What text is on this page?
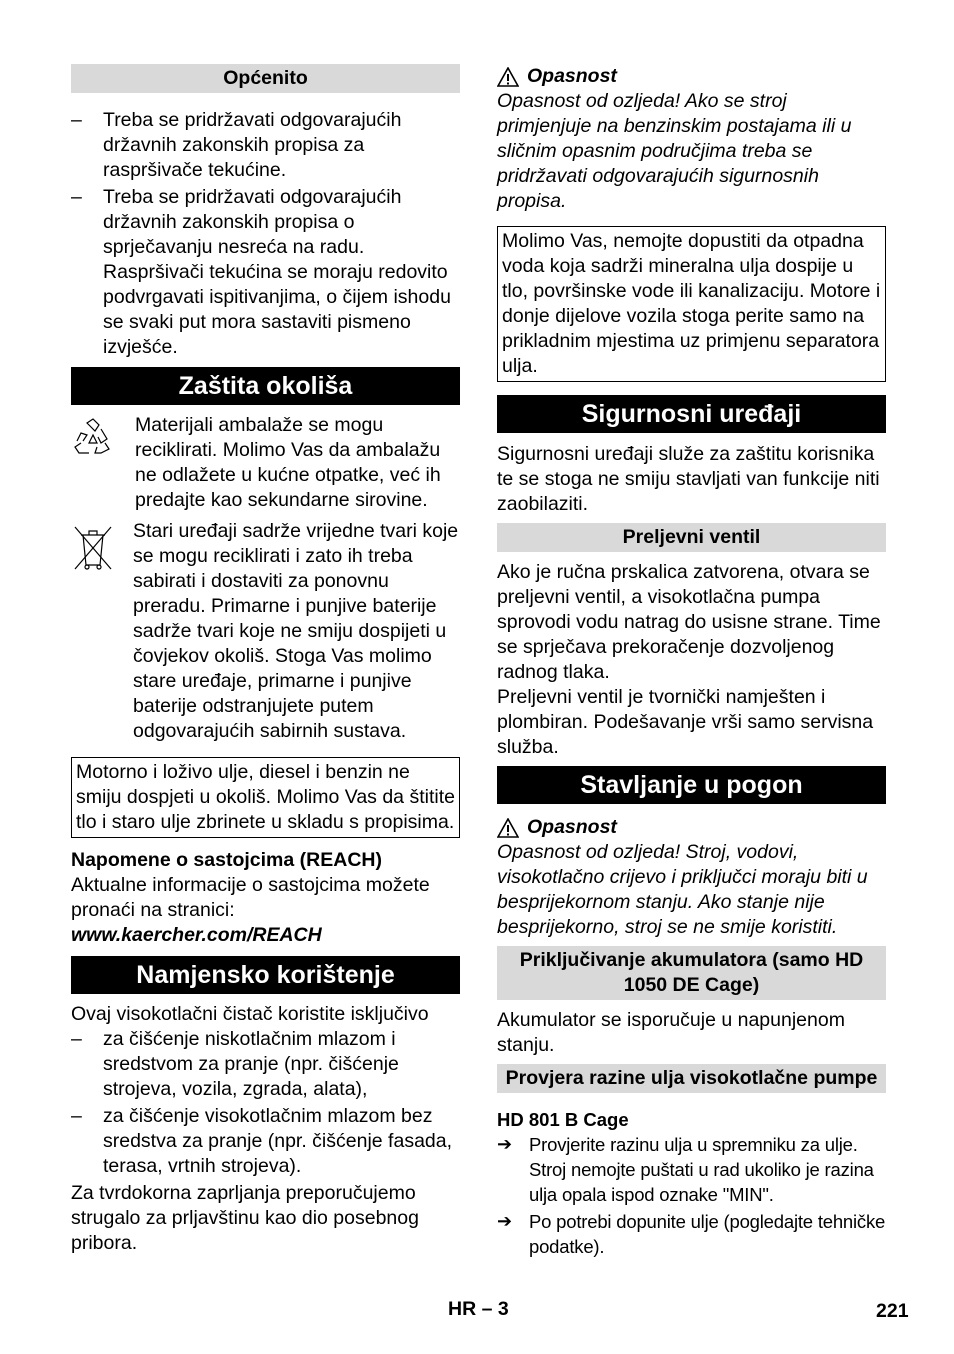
Općenito
–	Treba se pridržavati odgovarajućih državnih zakonskih propisa za raspršivače tekućine.
–	Treba se pridržavati odgovarajućih državnih zakonskih propisa o sprječavanju nesreća na radu. Raspršivači tekućina se moraju redovito podvrgavati ispitivanjima, o čijem ishodu se svaki put mora sastaviti pismeno izvješće.
Zaštita okoliša
Materijali ambalaže se mogu reciklirati. Molimo Vas da ambalažu ne odlažete u kućne otpatke, već ih predajte kao sekundarne sirovine.
Stari uređaji sadrže vrijedne tvari koje se mogu reciklirati i zato ih treba sabirati i dostaviti za ponovnu preradu. Primarne i punjive baterije sadrže tvari koje ne smiju dospijeti u čovjekov okoliš. Stoga Vas molimo stare uređaje, primarne i punjive baterije odstranjujete putem odgovarajućih sabirnih sustava.
Motorno i loživo ulje, diesel i benzin ne smiju dospjeti u okoliš. Molimo Vas da štitite tlo i staro ulje zbrinete u skladu s propisima.

Napomene o sastojcima (REACH)

Aktualne informacije o sastojcima možete pronaći na stranici:

www.kaercher.com/REACH

Namjensko korištenje

Ovaj visokotlačni čistač koristite isključivo

–	za čišćenje niskotlačnim mlazom i sredstvom za pranje (npr. čišćenje strojeva, vozila, zgrada, alata),
–	za čišćenje visokotlačnim mlazom bez sredstva za pranje (npr. čišćenje fasada, terasa, vrtnih strojeva).

Za tvrdokorna zaprljanja preporučujemo strugalo za prljavštinu kao dio posebnog pribora.

Opasnost

Opasnost od ozljeda! Ako se stroj primjenjuje na benzinskim postajama ili u sličnim opasnim područjima treba se pridržavati odgovarajućih sigurnosnih propisa.

Molimo Vas, nemojte dopustiti da otpadna voda koja sadrži mineralna ulja dospije u tlo, površinske vode ili kanalizaciju. Motore i donje dijelove vozila stoga perite samo na prikladnim mjestima uz primjenu separatora ulja.
Sigurnosni uređaji

Sigurnosni uređaji služe za zaštitu korisnika te se stoga ne smiju stavljati van funkcije niti zaobilaziti.

Preljevni ventil

Ako je ručna prskalica zatvorena, otvara se preljevni ventil, a visokotlačna pumpa sprovodi vodu natrag do usisne strane. Time se sprječava prekoračenje dozvoljenog radnog tlaka.

Preljevni ventil je tvornički namješten i plombiran. Podešavanje vrši samo servisna služba.

Stavljanje u pogon
Opasnost

Opasnost od ozljeda! Stroj, vodovi, visokotlačno crijevo i priključci moraju biti u besprijekornom stanju. Ako stanje nije besprijekorno, stroj se ne smije koristiti.

Priključivanje akumulatora (samo HD 1050 DE Cage)

Akumulator se isporučuje u napunjenom stanju.

Provjera razine ulja visokotlačne pumpe

HD 801 B Cage

➔ Provjerite razinu ulja u spremniku za ulje. Stroj nemojte puštati u rad ukoliko je razina ulja opala ispod oznake "MIN".
➔ Po potrebi dopunite ulje (pogledajte tehničke podatke).
HR – 3	221
